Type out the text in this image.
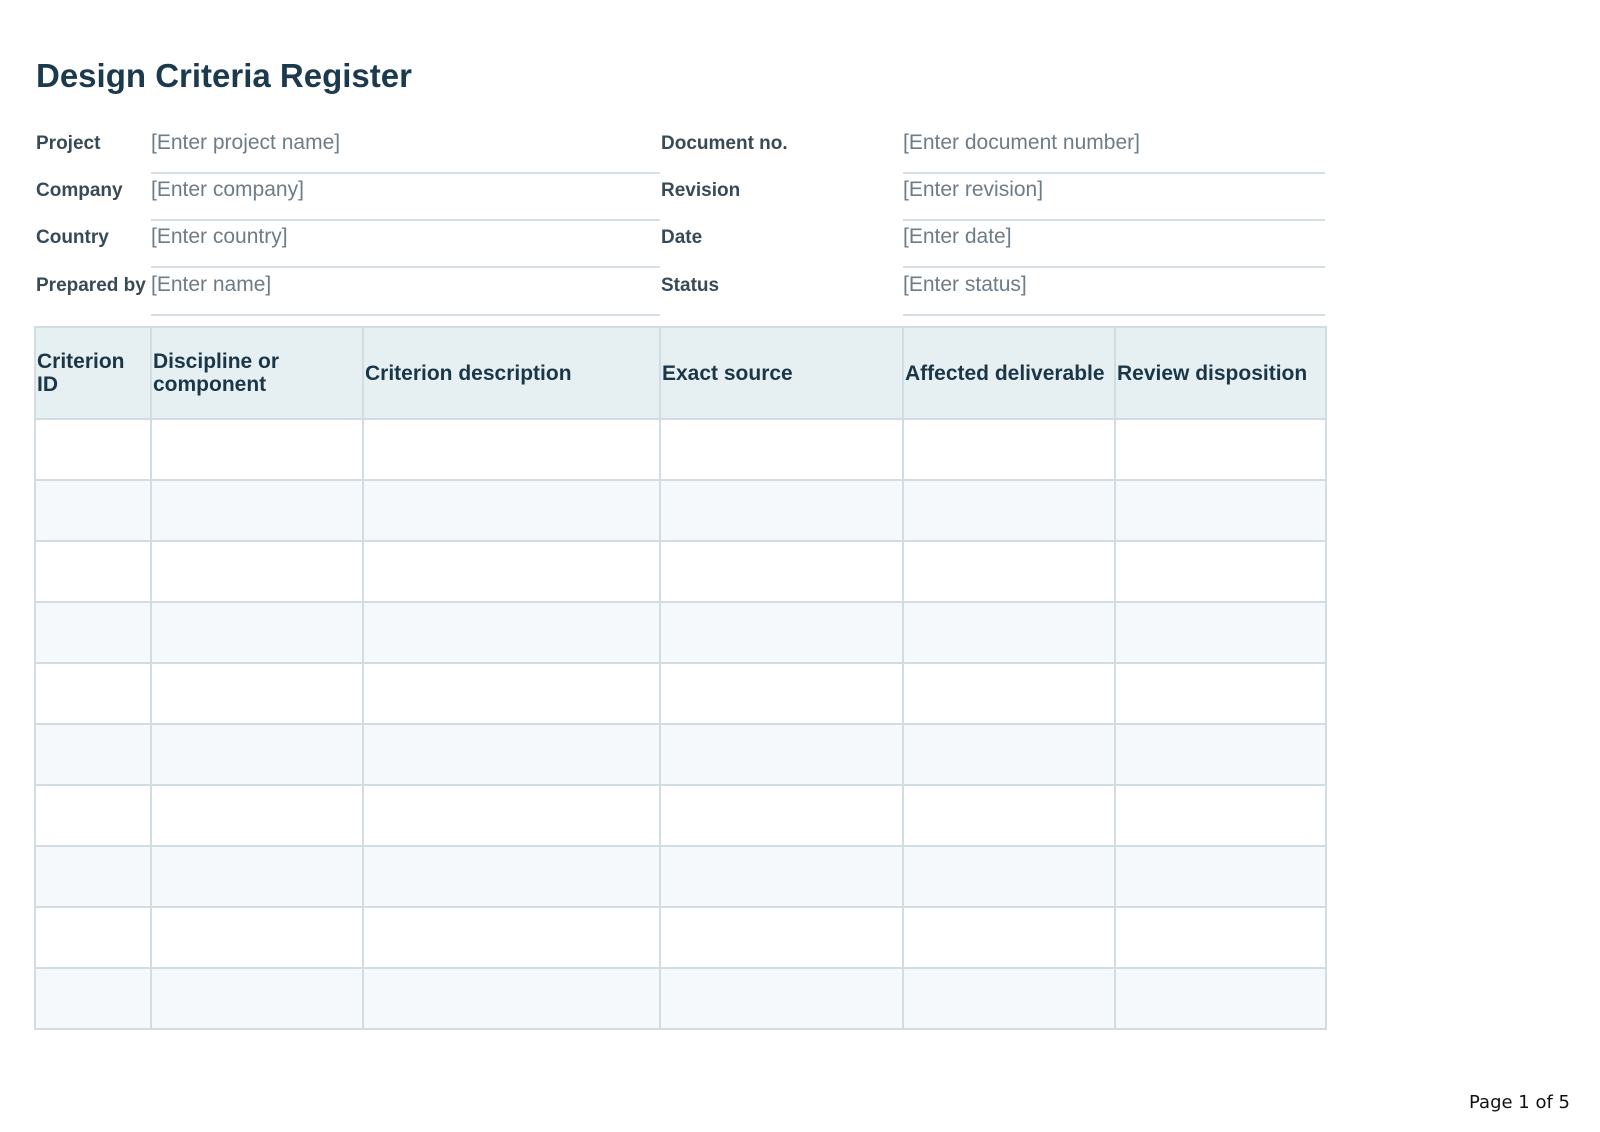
Design Criteria Register
Project [Enter project name]
Company [Enter company]
Country [Enter country]
Prepared by [Enter name]
Document no.	[Enter document number]
Revision	[Enter revision]
Date	[Enter date]
Status	[Enter status]
Criterion ID	Discipline or component	Criterion description	Exact source	Affected deliverable	Review disposition

Page 1 of 5
